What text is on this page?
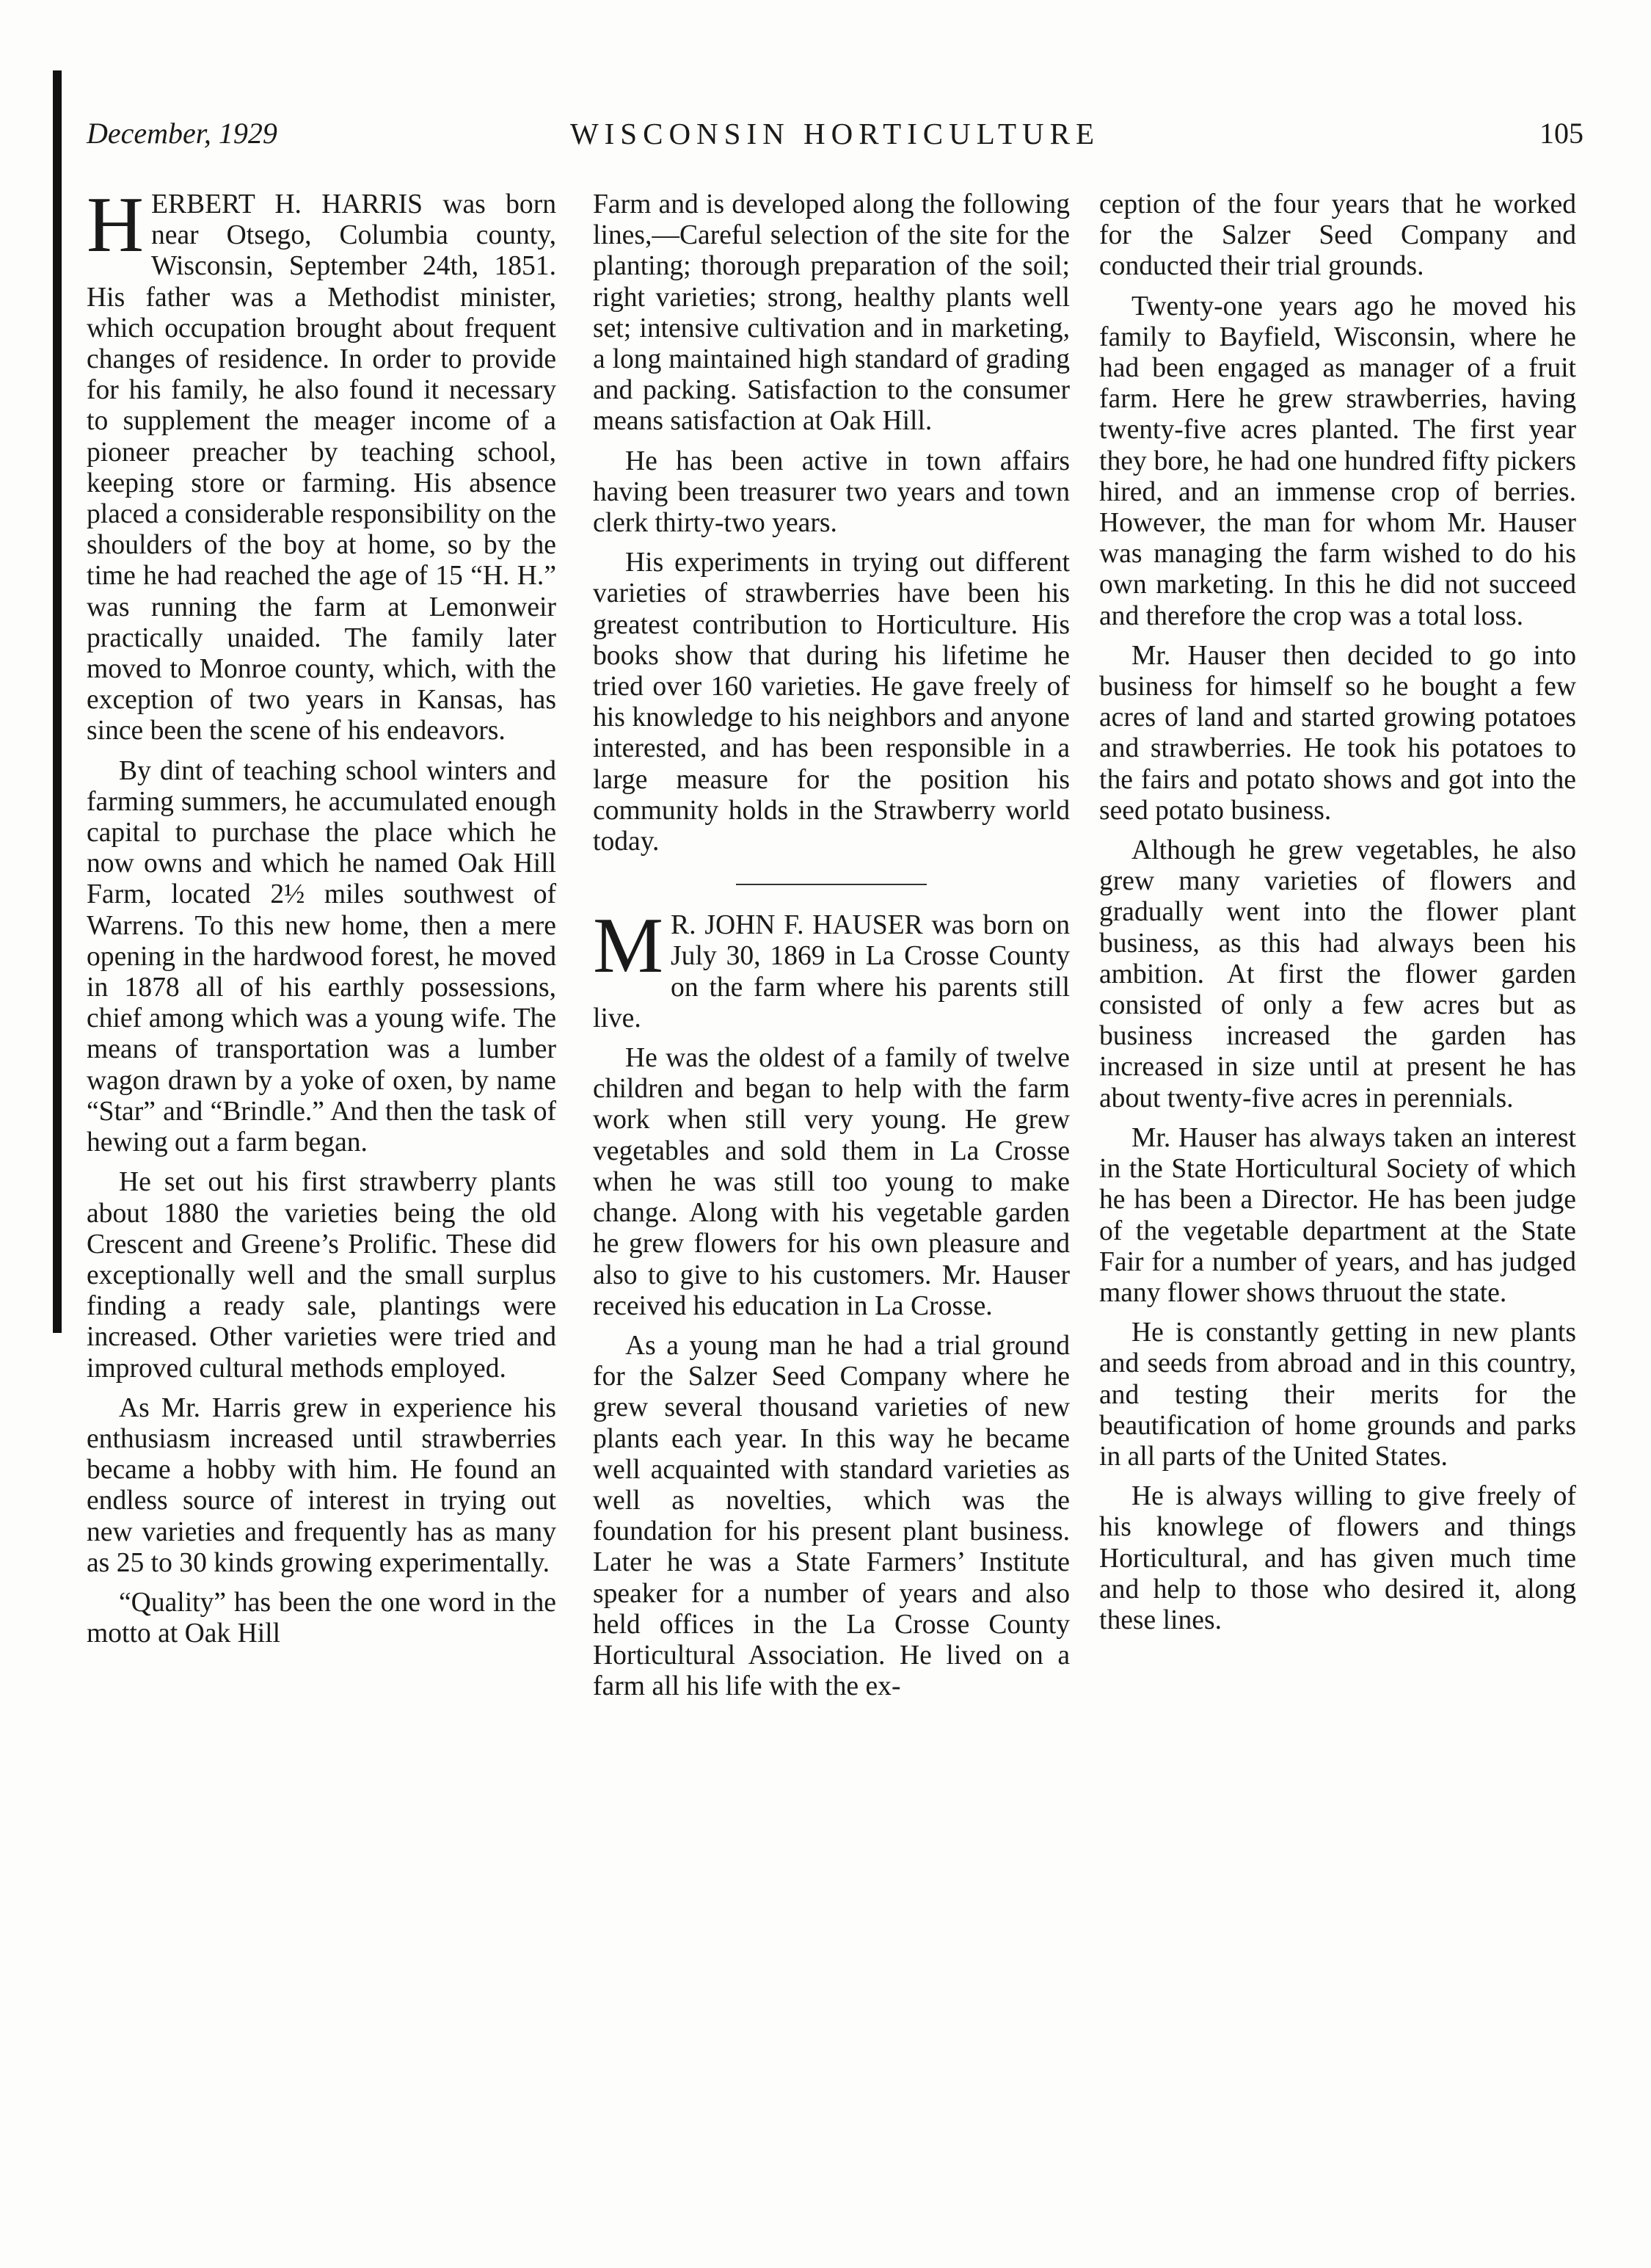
December, 1929	WISCONSIN HORTICULTURE	105

HERBERT H. HARRIS was born near Otsego, Columbia county, Wisconsin, September 24th, 1851. His father was a Methodist minister, which occupation brought about frequent changes of residence. In order to provide for his family, he also found it necessary to supplement the meager income of a pioneer preacher by teaching school, keeping store or farming. His absence placed a considerable responsibility on the shoulders of the boy at home, so by the time he had reached the age of 15 “H. H.” was running the farm at Lemonweir practically unaided. The family later moved to Monroe county, which, with the exception of two years in Kansas, has since been the scene of his endeavors.

By dint of teaching school winters and farming summers, he accumulated enough capital to purchase the place which he now owns and which he named Oak Hill Farm, located 2½ miles southwest of Warrens. To this new home, then a mere opening in the hardwood forest, he moved in 1878 all of his earthly possessions, chief among which was a young wife. The means of transportation was a lumber wagon drawn by a yoke of oxen, by name “Star” and “Brindle.” And then the task of hewing out a farm began.

He set out his first strawberry plants about 1880 the varieties being the old Crescent and Greene’s Prolific. These did exceptionally well and the small surplus finding a ready sale, plantings were increased. Other varieties were tried and improved cultural methods employed.

As Mr. Harris grew in experience his enthusiasm increased until strawberries became a hobby with him. He found an endless source of interest in trying out new varieties and frequently has as many as 25 to 30 kinds growing experimentally.

“Quality” has been the one word in the motto at Oak Hill

Farm and is developed along the following lines,—Careful selection of the site for the planting; thorough preparation of the soil; right varieties; strong, healthy plants well set; intensive cultivation and in marketing, a long maintained high standard of grading and packing. Satisfaction to the consumer means satisfaction at Oak Hill.

He has been active in town affairs having been treasurer two years and town clerk thirty-two years.

His experiments in trying out different varieties of strawberries have been his greatest contribution to Horticulture. His books show that during his lifetime he tried over 160 varieties. He gave freely of his knowledge to his neighbors and anyone interested, and has been responsible in a large measure for the position his community holds in the Strawberry world today.

M R. JOHN F. HAUSER was born on July 30, 1869 in La Crosse County on the farm where his parents still live.

He was the oldest of a family of twelve children and began to help with the farm work when still very young. He grew vegetables and sold them in La Crosse when he was still too young to make change. Along with his vegetable garden he grew flowers for his own pleasure and also to give to his customers. Mr. Hauser received his education in La Crosse.

As a young man he had a trial ground for the Salzer Seed Company where he grew several thousand varieties of new plants each year. In this way he became well acquainted with standard varieties as well as novelties, which was the foundation for his present plant business. Later he was a State Farmers’ Institute speaker for a number of years and also held offices in the La Crosse County Horticultural Association. He lived on a farm all his life with the ex-

ception of the four years that he worked for the Salzer Seed Company and conducted their trial grounds.

Twenty-one years ago he moved his family to Bayfield, Wisconsin, where he had been engaged as manager of a fruit farm. Here he grew strawberries, having twenty-five acres planted. The first year they bore, he had one hundred fifty pickers hired, and an immense crop of berries. However, the man for whom Mr. Hauser was managing the farm wished to do his own marketing. In this he did not succeed and therefore the crop was a total loss.

Mr. Hauser then decided to go into business for himself so he bought a few acres of land and started growing potatoes and strawberries. He took his potatoes to the fairs and potato shows and got into the seed potato business.

Although he grew vegetables, he also grew many varieties of flowers and gradually went into the flower plant business, as this had always been his ambition. At first the flower garden consisted of only a few acres but as business increased the garden has increased in size until at present he has about twenty-five acres in perennials.

Mr. Hauser has always taken an interest in the State Horticultural Society of which he has been a Director. He has been judge of the vegetable department at the State Fair for a number of years, and has judged many flower shows thruout the state.

He is constantly getting in new plants and seeds from abroad and in this country, and testing their merits for the beautification of home grounds and parks in all parts of the United States.

He is always willing to give freely of his knowlege of flowers and things Horticultural, and has given much time and help to those who desired it, along these lines.
